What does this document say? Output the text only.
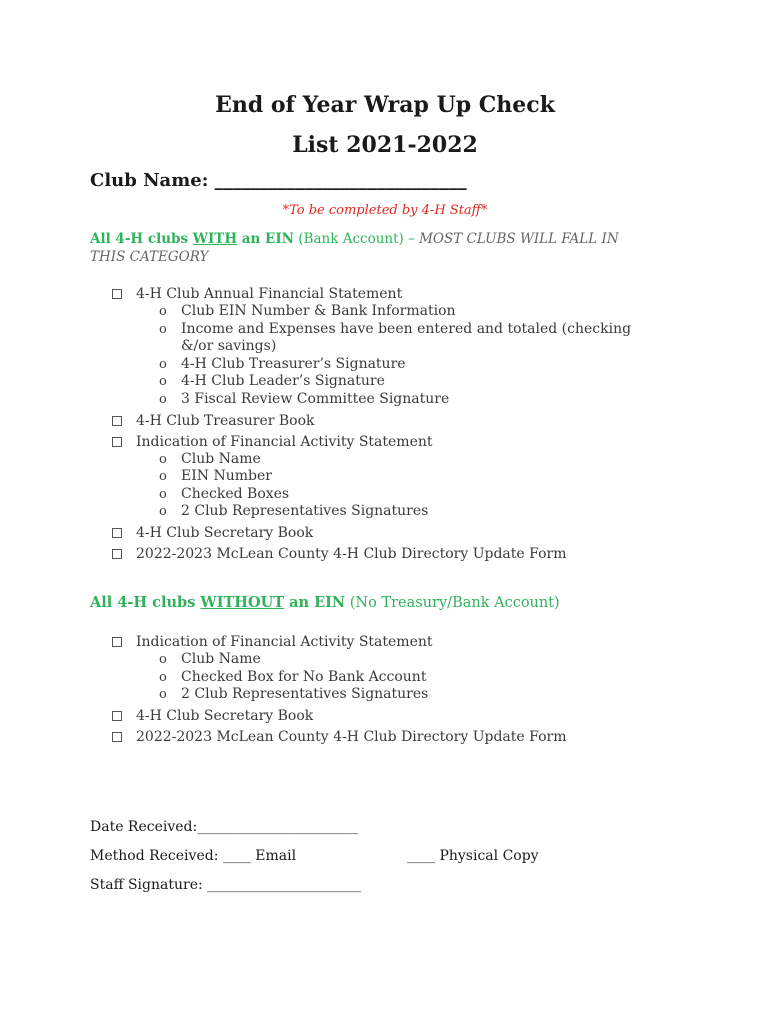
End of Year Wrap Up Check
List 2021-2022
Club Name: ____________________________
*To be completed by 4-H Staff*
All 4-H clubs WITH an EIN (Bank Account) – MOST CLUBS WILL FALL IN THIS CATEGORY
4-H Club Annual Financial Statement
o Club EIN Number & Bank Information
o Income and Expenses have been entered and totaled (checking &/or savings)
o 4-H Club Treasurer’s Signature
o 4-H Club Leader’s Signature
o 3 Fiscal Review Committee Signature
4-H Club Treasurer Book
Indication of Financial Activity Statement
o Club Name
o EIN Number
o Checked Boxes
o 2 Club Representatives Signatures
4-H Club Secretary Book
2022-2023 McLean County 4-H Club Directory Update Form
All 4-H clubs WITHOUT an EIN (No Treasury/Bank Account)
Indication of Financial Activity Statement
o Club Name
o Checked Box for No Bank Account
o 2 Club Representatives Signatures
4-H Club Secretary Book
2022-2023 McLean County 4-H Club Directory Update Form
Date Received:_______________________
Method Received: ____ Email	____ Physical Copy
Staff Signature: ______________________
